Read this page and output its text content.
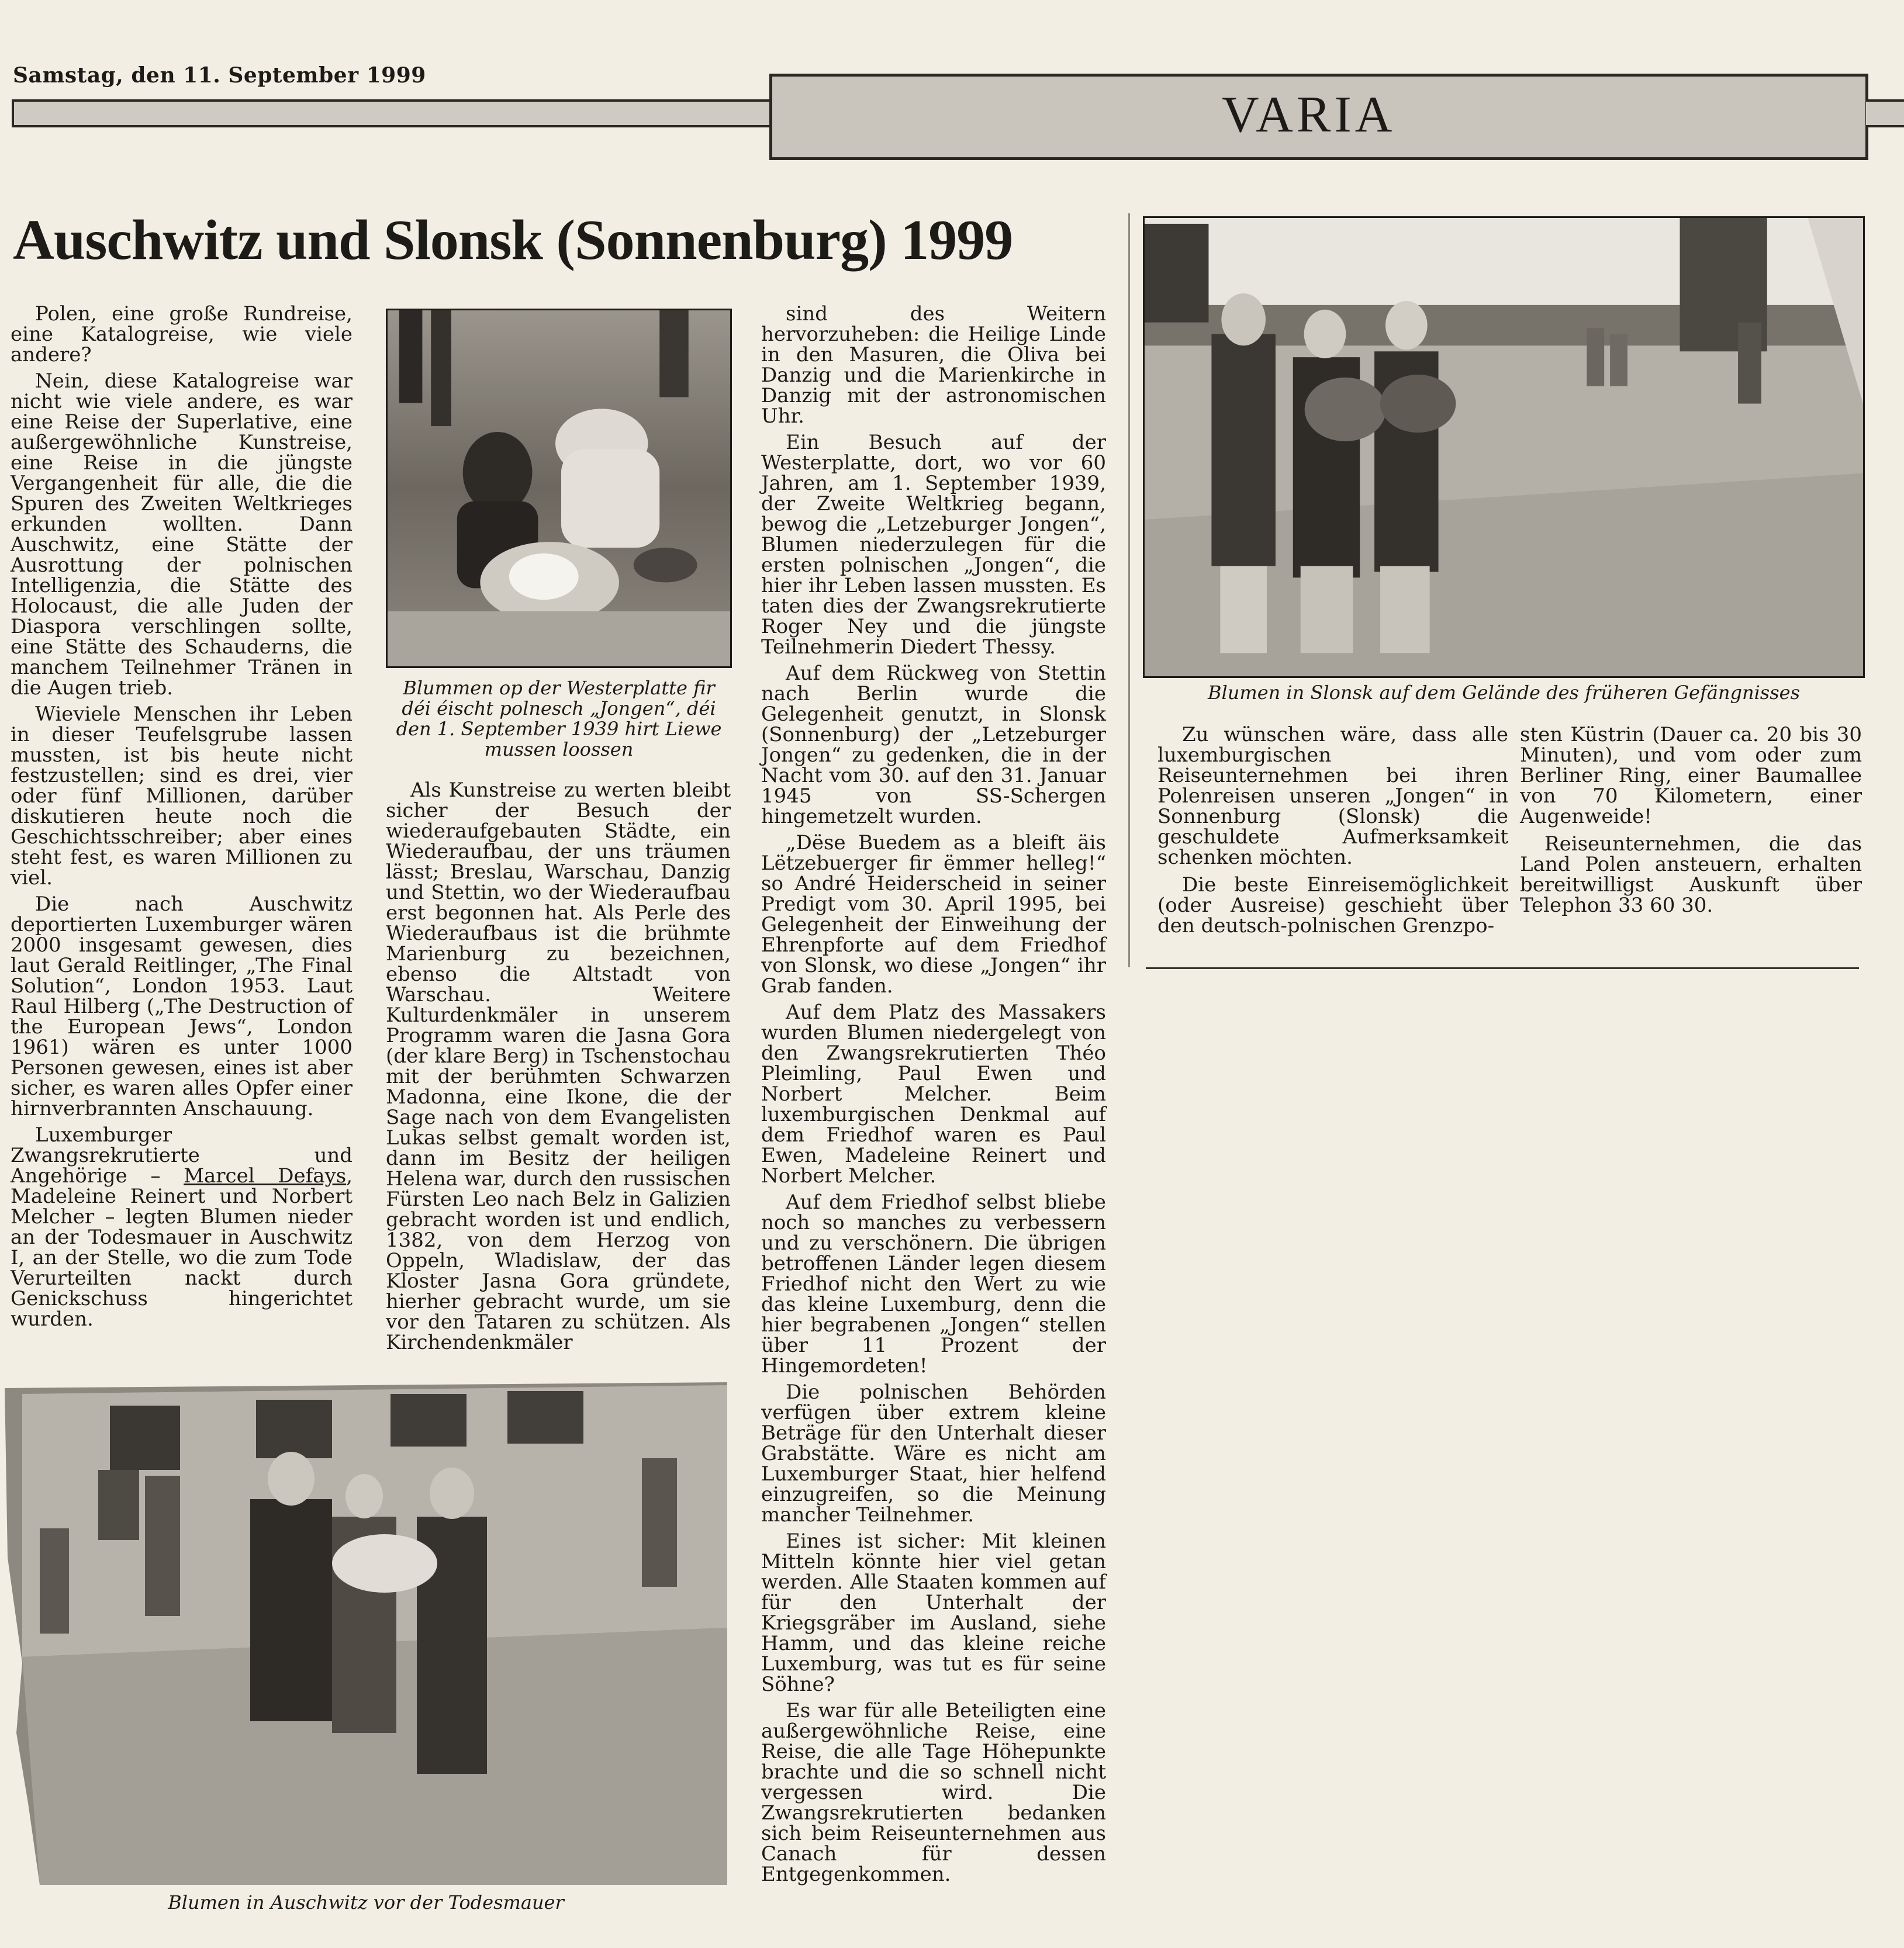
Samstag, den 11. September 1999
VARIA
Auschwitz und Slonsk (Sonnenburg) 1999

Polen, eine große Rundreise, eine Katalogreise, wie viele andere?

Nein, diese Katalogreise war nicht wie viele andere, es war eine Reise der Superlative, eine außergewöhnliche Kunstreise, eine Reise in die jüngste Vergangenheit für alle, die die Spuren des Zweiten Weltkrieges erkunden wollten. Dann Auschwitz, eine Stätte der Ausrottung der polnischen Intelligenzia, die Stätte des Holocaust, die alle Juden der Diaspora verschlingen sollte, eine Stätte des Schauderns, die manchem Teilnehmer Tränen in die Augen trieb.

Wieviele Menschen ihr Leben in dieser Teufelsgrube lassen mussten, ist bis heute nicht festzustellen; sind es drei, vier oder fünf Millionen, darüber diskutieren heute noch die Geschichtsschreiber; aber eines steht fest, es waren Millionen zu viel.

Die nach Auschwitz deportierten Luxemburger wären 2000 insgesamt gewesen, dies laut Gerald Reitlinger, „The Final Solution“, London 1953. Laut Raul Hilberg („The Destruction of the European Jews“, London 1961) wären es unter 1000 Personen gewesen, eines ist aber sicher, es waren alles Opfer einer hirnverbrannten Anschauung.

Luxemburger Zwangsrekrutierte und Angehörige – Marcel Defays, Madeleine Reinert und Norbert Melcher – legten Blumen nieder an der Todesmauer in Auschwitz I, an der Stelle, wo die zum Tode Verurteilten nackt durch Genickschuss hingerichtet wurden.

Blummen op der Westerplatte fir déi éischt polnesch „Jongen“, déi den 1. September 1939 hirt Liewe mussen loossen

Als Kunstreise zu werten bleibt sicher der Besuch der wiederaufgebauten Städte, ein Wiederaufbau, der uns träumen lässt; Breslau, Warschau, Danzig und Stettin, wo der Wiederaufbau erst begonnen hat. Als Perle des Wiederaufbaus ist die brühmte Marienburg zu bezeichnen, ebenso die Altstadt von Warschau. Weitere Kulturdenkmäler in unserem Programm waren die Jasna Gora (der klare Berg) in Tschenstochau mit der berühmten Schwarzen Madonna, eine Ikone, die der Sage nach von dem Evangelisten Lukas selbst gemalt worden ist, dann im Besitz der heiligen Helena war, durch den russischen Fürsten Leo nach Belz in Galizien gebracht worden ist und endlich, 1382, von dem Herzog von Oppeln, Wladislaw, der das Kloster Jasna Gora gründete, hierher gebracht wurde, um sie vor den Tataren zu schützen. Als Kirchendenkmäler

sind des Weitern hervorzuheben: die Heilige Linde in den Masuren, die Oliva bei Danzig und die Marienkirche in Danzig mit der astronomischen Uhr.

Ein Besuch auf der Westerplatte, dort, wo vor 60 Jahren, am 1. September 1939, der Zweite Weltkrieg begann, bewog die „Letzeburger Jongen“, Blumen niederzulegen für die ersten polnischen „Jongen“, die hier ihr Leben lassen mussten. Es taten dies der Zwangsrekrutierte Roger Ney und die jüngste Teilnehmerin Diedert Thessy.

Auf dem Rückweg von Stettin nach Berlin wurde die Gelegenheit genutzt, in Slonsk (Sonnenburg) der „Letzeburger Jongen“ zu gedenken, die in der Nacht vom 30. auf den 31. Januar 1945 von SS-Schergen hingemetzelt wurden.

„Dëse Buedem as a bleift äis Lëtzebuerger fir ëmmer helleg!“ so André Heiderscheid in seiner Predigt vom 30. April 1995, bei Gelegenheit der Einweihung der Ehrenpforte auf dem Friedhof von Slonsk, wo diese „Jongen“ ihr Grab fanden.

Auf dem Platz des Massakers wurden Blumen niedergelegt von den Zwangsrekrutierten Théo Pleimling, Paul Ewen und Norbert Melcher. Beim luxemburgischen Denkmal auf dem Friedhof waren es Paul Ewen, Madeleine Reinert und Norbert Melcher.

Auf dem Friedhof selbst bliebe noch so manches zu verbessern und zu verschönern. Die übrigen betroffenen Länder legen diesem Friedhof nicht den Wert zu wie das kleine Luxemburg, denn die hier begrabenen „Jongen“ stellen über 11 Prozent der Hingemordeten!

Die polnischen Behörden verfügen über extrem kleine Beträge für den Unterhalt dieser Grabstätte. Wäre es nicht am Luxemburger Staat, hier helfend einzugreifen, so die Meinung mancher Teilnehmer.

Eines ist sicher: Mit kleinen Mitteln könnte hier viel getan werden. Alle Staaten kommen auf für den Unterhalt der Kriegsgräber im Ausland, siehe Hamm, und das kleine reiche Luxemburg, was tut es für seine Söhne?

Es war für alle Beteiligten eine außergewöhnliche Reise, eine Reise, die alle Tage Höhepunkte brachte und die so schnell nicht vergessen wird. Die Zwangsrekrutierten bedanken sich beim Reiseunternehmen aus Canach für dessen Entgegenkommen.

Blumen in Slonsk auf dem Gelände des früheren Gefängnisses

Zu wünschen wäre, dass alle luxemburgischen Reiseunternehmen bei ihren Polenreisen unseren „Jongen“ in Sonnenburg (Slonsk) die geschuldete Aufmerksamkeit schenken möchten.

Die beste Einreisemöglichkeit (oder Ausreise) geschieht über den deutsch-polnischen Grenzpo-

sten Küstrin (Dauer ca. 20 bis 30 Minuten), und vom oder zum Berliner Ring, einer Baumallee von 70 Kilometern, einer Augenweide!

Reiseunternehmen, die das Land Polen ansteuern, erhalten bereitwilligst Auskunft über Telephon 33 60 30.

Blumen in Auschwitz vor der Todesmauer
